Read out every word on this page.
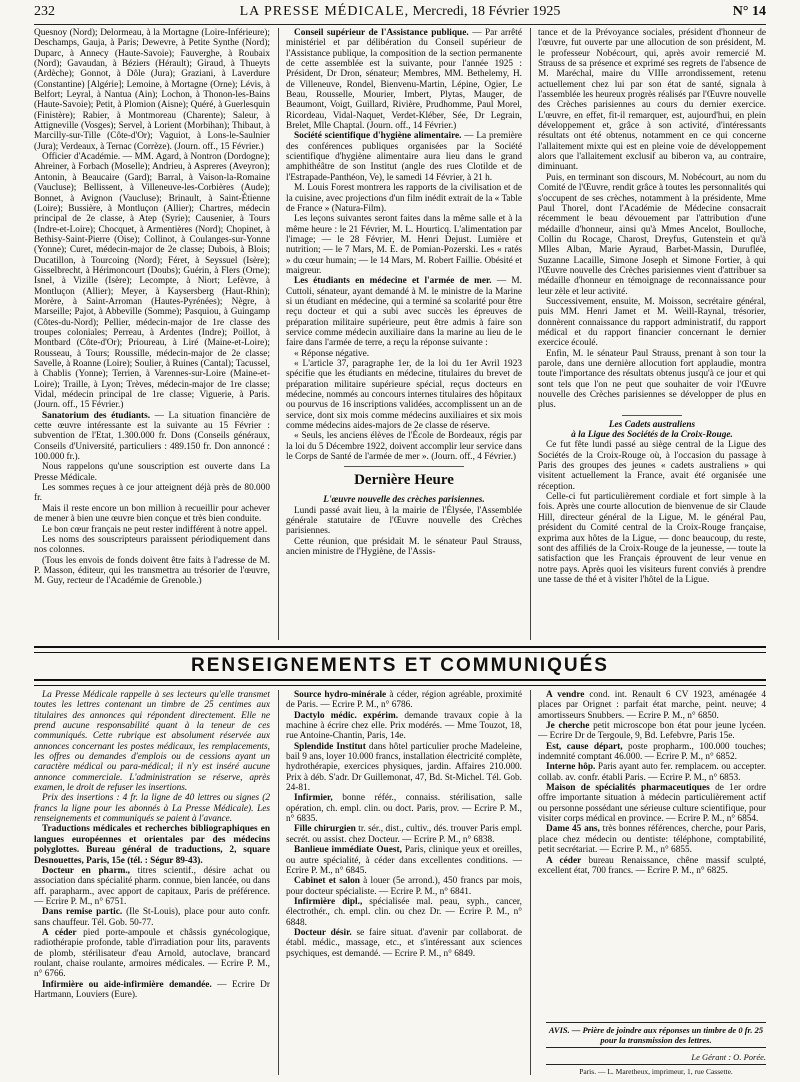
232	LA PRESSE MÉDICALE, Mercredi, 18 Février 1925	N° 14

Quesnoy (Nord); Delormeau, à la Mortagne (Loire-Inférieure); Deschamps, Gauja, à Paris; Dewevre, à Petite Synthe (Nord); Duparc, à Annecy (Haute-Savoie); Fauverghe, à Roubaix (Nord); Gavaudan, à Béziers (Hérault); Giraud, à Thueyts (Ardèche); Gonnot, à Dôle (Jura); Graziani, à Laverdure (Constantine) [Algérie]; Lemoine, à Mortagne (Orne); Lévis, à Belfort; Leyral, à Nantua (Ain); Lochon, à Thonon-les-Bains (Haute-Savoie); Petit, à Plomion (Aisne); Quéré, à Guerlesquin (Finistère); Rabier, à Montmoreau (Charente); Saleur, à Attigneville (Vosges); Servel, à Lorient (Morbihan); Thibaut, à Marcilly-sur-Tille (Côte-d'Or); Vaguiot, à Lons-le-Saulnier (Jura); Verdeaux, à Ternac (Corrèze). (Journ. off., 15 Février.)

Officier d'Académie. — MM. Agard, à Nontron (Dordogne); Ahreiner, à Forbach (Moselle); Andrieu, à Aspreres (Aveyron); Antonin, à Beaucaire (Gard); Barral, à Vaison-la-Romaine (Vaucluse); Bellissent, à Villeneuve-les-Corbières (Aude); Bonnet, à Avignon (Vaucluse); Brinault, à Saint-Étienne (Loire); Bussière, à Montluçon (Allier); Chartres, médecin principal de 2e classe, à Atep (Syrie); Causenier, à Tours (Indre-et-Loire); Chocquet, à Armentières (Nord); Chopinet, à Bethisy-Saint-Pierre (Oise); Collinot, à Coulanges-sur-Yonne (Yonne); Curet, médecin-major de 2e classe; Dubois, à Blois; Ducatillon, à Tourcoing (Nord); Féret, à Seyssuel (Isère); Gisselbrecht, à Hérimoncourt (Doubs); Guérin, à Flers (Orne); Isnel, à Vizille (Isère); Lecompte, à Niort; Lefèvre, à Montluçon (Allier); Meyer, à Kaysersberg (Haut-Rhin); Morère, à Saint-Arroman (Hautes-Pyrénées); Nègre, à Marseille; Pajot, à Abbeville (Somme); Pasquiou, à Guingamp (Côtes-du-Nord); Pellier, médecin-major de 1re classe des troupes coloniales; Perreau, à Ardentes (Indre); Poillot, à Montbard (Côte-d'Or); Prioureau, à Liré (Maine-et-Loire); Rousseau, à Tours; Roussille, médecin-major de 2e classe; Savelle, à Roanne (Loire); Soulier, à Ruines (Cantal); Tacussel, à Chablis (Yonne); Terrien, à Varennes-sur-Loire (Maine-et-Loire); Traille, à Lyon; Trèves, médecin-major de 1re classe; Vidal, médecin principal de 1re classe; Viguerie, à Paris. (Journ. off., 15 Février.)

Sanatorium des étudiants. — La situation financière de cette œuvre intéressante est la suivante au 15 Février : subvention de l'Etat, 1.300.000 fr. Dons (Conseils généraux, Conseils d'Université, particuliers : 489.150 fr. Don annoncé : 100.000 fr.).

Nous rappelons qu'une souscription est ouverte dans La Presse Médicale.

Les sommes reçues à ce jour atteignent déjà près de 80.000 fr.

Mais il reste encore un bon million à recueillir pour achever de mener à bien une œuvre bien conçue et très bien conduite.

Le bon cœur français ne peut rester indifférent à notre appel.

Les noms des souscripteurs paraissent périodiquement dans nos colonnes.

(Tous les envois de fonds doivent être faits à l'adresse de M. P. Masson, éditeur, qui les transmettra au trésorier de l'œuvre, M. Guy, recteur de l'Académie de Grenoble.)

Conseil supérieur de l'Assistance publique. — Par arrêté ministériel et par délibération du Conseil supérieur de l'Assistance publique, la composition de la section permanente de cette assemblée est la suivante, pour l'année 1925 : Président, Dr Dron, sénateur; Membres, MM. Bethelemy, H. de Villeneuve, Rondel, Bienvenu-Martin, Lépine, Ogier, Le Beau, Rousselle, Mourier, Imbert, Plytas, Mauger, de Beaumont, Voigt, Guillard, Rivière, Prudhomme, Paul Morel, Ricordeau, Vidal-Naquet, Verdet-Kléber, Sée, Dr Legrain, Brelet, Mlle Chaptal. (Journ. off., 14 Février.)

Société scientifique d'hygiène alimentaire. — La première des conférences publiques organisées par la Société scientifique d'hygiène alimentaire aura lieu dans le grand amphithéâtre de son Institut (angle des rues Clotilde et de l'Estrapade-Panthéon, Ve), le samedi 14 Février, à 21 h.

M. Louis Forest montrera les rapports de la civilisation et de la cuisine, avec projections d'un film inédit extrait de la « Table de France » (Natura-Film).

Les leçons suivantes seront faites dans la même salle et à la même heure : le 21 Février, M. L. Hourticq. L'alimentation par l'image; — le 28 Février, M. Henri Dejust. Lumière et nutrition; — le 7 Mars, M. E. de Pomian-Pozerski. Les « ratés » du cœur humain; — le 14 Mars, M. Robert Faillie. Obésité et maigreur.

Les étudiants en médecine et l'armée de mer. — M. Cuttoli, sénateur, ayant demandé à M. le ministre de la Marine si un étudiant en médecine, qui a terminé sa scolarité pour être reçu docteur et qui a subi avec succès les épreuves de préparation militaire supérieure, peut être admis à faire son service comme médecin auxiliaire dans la marine au lieu de le faire dans l'armée de terre, a reçu la réponse suivante :

« Réponse négative.

« L'article 37, paragraphe 1er, de la loi du 1er Avril 1923 spécifie que les étudiants en médecine, titulaires du brevet de préparation militaire supérieure spécial, reçus docteurs en médecine, nommés au concours internes titulaires des hôpitaux ou pourvus de 16 inscriptions validées, accomplissent un an de service, dont six mois comme médecins auxiliaires et six mois comme médecins aides-majors de 2e classe de réserve.

« Seuls, les anciens élèves de l'École de Bordeaux, régis par la loi du 5 Décembre 1922, doivent accomplir leur service dans le Corps de Santé de l'armée de mer ». (Journ. off., 4 Février.)

Dernière Heure

L'œuvre nouvelle des crèches parisiennes.

Lundi passé avait lieu, à la mairie de l'Élysée, l'Assemblée générale statutaire de l'Œuvre nouvelle des Crèches parisiennes.

Cette réunion, que présidait M. le sénateur Paul Strauss, ancien ministre de l'Hygiène, de l'Assis-

tance et de la Prévoyance sociales, président d'honneur de l'œuvre, fut ouverte par une allocution de son président, M. le professeur Nobécourt, qui, après avoir remercié M. Strauss de sa présence et exprimé ses regrets de l'absence de M. Maréchal, maire du VIIIe arrondissement, retenu actuellement chez lui par son état de santé, signala à l'assemblée les heureux progrès réalisés par l'Œuvre nouvelle des Crèches parisiennes au cours du dernier exercice. L'œuvre, en effet, fit-il remarquer, est, aujourd'hui, en plein développement et, grâce à son activité, d'intéressants résultats ont été obtenus, notamment en ce qui concerne l'allaitement mixte qui est en pleine voie de développement alors que l'allaitement exclusif au biberon va, au contraire, diminuant.

Puis, en terminant son discours, M. Nobécourt, au nom du Comité de l'Œuvre, rendit grâce à toutes les personnalités qui s'occupent de ses crèches, notamment à la présidente, Mme Paul Thorel, dont l'Académie de Médecine consacrait récemment le beau dévouement par l'attribution d'une médaille d'honneur, ainsi qu'à Mmes Ancelot, Boulloche, Collin du Rocage, Charost, Dreyfus, Gutenstein et qu'à Mlles Alban, Marie Ayraud, Barbet-Massin, Duruflée, Suzanne Lacaille, Simone Joseph et Simone Fortier, à qui l'Œuvre nouvelle des Crèches parisiennes vient d'attribuer sa médaille d'honneur en témoignage de reconnaissance pour leur zèle et leur activité.

Successivement, ensuite, M. Moisson, secrétaire général, puis MM. Henri Jamet et M. Weill-Raynal, trésorier, donnèrent connaissance du rapport administratif, du rapport médical et du rapport financier concernant le dernier exercice écoulé.

Enfin, M. le sénateur Paul Strauss, prenant à son tour la parole, dans une dernière allocution fort applaudie, montra toute l'importance des résultats obtenus jusqu'à ce jour et qui sont tels que l'on ne peut que souhaiter de voir l'Œuvre nouvelle des Crèches parisiennes se développer de plus en plus.

Les Cadets australiens

à la Ligue des Sociétés de la Croix-Rouge.

Ce fut fête lundi passé au siège central de la Ligue des Sociétés de la Croix-Rouge où, à l'occasion du passage à Paris des groupes des jeunes « cadets australiens » qui visitent actuellement la France, avait été organisée une réception.

Celle-ci fut particulièrement cordiale et fort simple à la fois. Après une courte allocution de bienvenue de sir Claude Hill, directeur général de la Ligue, M. le général Pau, président du Comité central de la Croix-Rouge française, exprima aux hôtes de la Ligue, — donc beaucoup, du reste, sont des affiliés de la Croix-Rouge de la jeunesse, — toute la satisfaction que les Français éprouvent de leur venue en notre pays. Après quoi les visiteurs furent conviés à prendre une tasse de thé et à visiter l'hôtel de la Ligue.

RENSEIGNEMENTS ET COMMUNIQUÉS

La Presse Médicale rappelle à ses lecteurs qu'elle transmet toutes les lettres contenant un timbre de 25 centimes aux titulaires des annonces qui répondent directement. Elle ne prend aucune responsabilité quant à la teneur de ces communiqués. Cette rubrique est absolument réservée aux annonces concernant les postes médicaux, les remplacements, les offres ou demandes d'emplois ou de cessions ayant un caractère médical ou para-médical; il n'y est inséré aucune annonce commerciale. L'administration se réserve, après examen, le droit de refuser les insertions.

Prix des insertions : 4 fr. la ligne de 40 lettres ou signes (2 francs la ligne pour les abonnés à La Presse Médicale). Les renseignements et communiqués se paient à l'avance.

Traductions médicales et recherches bibliographiques en langues européennes et orientales par des médecins polyglottes. Bureau général de traductions, 2, square Desnouettes, Paris, 15e (tél. : Ségur 89-43).

Docteur en pharm., titres scientif., désire achat ou association dans spécialité pharm. connue, bien lancée, ou dans aff. parapharm., avec apport de capitaux, Paris de préférence. — Ecrire P. M., n° 6751.

Dans remise partic. (Ile St-Louis), place pour auto confr. sans chauffeur. Tél. Gob. 50-77.

A céder pied porte-ampoule et châssis gynécologique, radiothérapie profonde, table d'irradiation pour lits, paravents de plomb, stérilisateur d'eau Arnold, autoclave, brancard roulant, chaise roulante, armoires médicales. — Ecrire P. M., n° 6766.

Infirmière ou aide-infirmière demandée. — Ecrire Dr Hartmann, Louviers (Eure).

Source hydro-minérale à céder, région agréable, proximité de Paris. — Ecrire P. M., n° 6786.

Dactylo médic. expérim. demande travaux copie à la machine à écrire chez elle. Prix modérés. — Mme Touzot, 18, rue Antoine-Chantin, Paris, 14e.

Splendide Institut dans hôtel particulier proche Madeleine, bail 9 ans, loyer 10.000 francs, installation électricité complète, hydrothérapie, exercices physiques, jardin. Affaires 210.000. Prix à déb. S'adr. Dr Guillemonat, 47, Bd. St-Michel. Tél. Gob. 24-81.

Infirmier, bonne référ., connaiss. stérilisation, salle opération, ch. empl. clin. ou doct. Paris, prov. — Ecrire P. M., n° 6835.

Fille chirurgien tr. sér., dist., cultiv., dés. trouver Paris empl. secrét. ou assist. chez Docteur. — Ecrire P. M., n° 6838.

Banlieue immédiate Ouest, Paris, clinique yeux et oreilles, ou autre spécialité, à céder dans excellentes conditions. — Ecrire P. M., n° 6845.

Cabinet et salon à louer (5e arrond.), 450 francs par mois, pour docteur spécialiste. — Ecrire P. M., n° 6841.

Infirmière dipl., spécialisée mal. peau, syph., cancer, électrothér., ch. empl. clin. ou chez Dr. — Ecrire P. M., n° 6848.

Docteur désir. se faire situat. d'avenir par collaborat. de établ. médic., massage, etc., et s'intéressant aux sciences psychiques, est demandé. — Ecrire P. M., n° 6849.

A vendre cond. int. Renault 6 CV 1923, aménagée 4 places par Orignet : parfait état marche, peint. neuve; 4 amortisseurs Snubbers. — Ecrire P. M., n° 6850.

Je cherche petit microscope bon état pour jeune lycéen. — Ecrire Dr de Tergoule, 9, Bd. Lefebvre, Paris 15e.

Est, cause départ, poste propharm., 100.000 touches; indemnité comptant 46.000. — Ecrire P. M., n° 6852.

Interne hôp. Paris ayant auto fer. remplacem. ou accepter. collab. av. confr. établi Paris. — Ecrire P. M., n° 6853.

Maison de spécialités pharmaceutiques de 1er ordre offre importante situation à médecin particulièrement actif ou personne possédant une sérieuse culture scientifique, pour visiter corps médical en province. — Ecrire P. M., n° 6854.

Dame 45 ans, très bonnes références, cherche, pour Paris, place chez médecin ou dentiste: téléphone, comptabilité, petit secrétariat. — Ecrire P. M., n° 6855.

A céder bureau Renaissance, chêne massif sculpté, excellent état, 700 francs. — Ecrire P. M., n° 6825.

AVIS. — Prière de joindre aux réponses un timbre de 0 fr. 25 pour la transmission des lettres.
Le Gérant : O. Porée.
Paris. — L. Maretheux, imprimeur, 1, rue Cassette.
